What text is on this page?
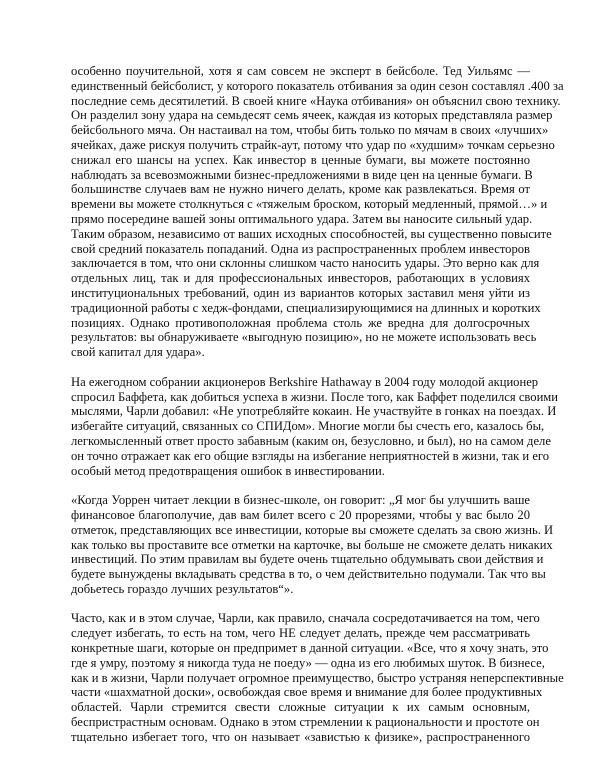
особенно поучительной, хотя я сам совсем не эксперт в бейсболе. Тед Уильямс —
единственный бейсболист, у которого показатель отбивания за один сезон составлял .400 за
последние семь десятилетий. В своей книге «Наука отбивания» он объяснил свою технику.
Он разделил зону удара на семьдесят семь ячеек, каждая из которых представляла размер
бейсбольного мяча. Он настаивал на том, чтобы бить только по мячам в своих «лучших»
ячейках, даже рискуя получить страйк-аут, потому что удар по «худшим» точкам серьезно
снижал его шансы на успех. Как инвестор в ценные бумаги, вы можете постоянно
наблюдать за всевозможными бизнес-предложениями в виде цен на ценные бумаги. В
большинстве случаев вам не нужно ничего делать, кроме как развлекаться. Время от
времени вы можете столкнуться с «тяжелым броском, который медленный, прямой…» и
прямо посередине вашей зоны оптимального удара. Затем вы наносите сильный удар.
Таким образом, независимо от ваших исходных способностей, вы существенно повысите
свой средний показатель попаданий. Одна из распространенных проблем инвесторов
заключается в том, что они склонны слишком часто наносить удары. Это верно как для
отдельных лиц, так и для профессиональных инвесторов, работающих в условиях
институциональных требований, один из вариантов которых заставил меня уйти из
традиционной работы с хедж-фондами, специализирующимися на длинных и коротких
позициях. Однако противоположная проблема столь же вредна для долгосрочных
результатов: вы обнаруживаете «выгодную позицию», но не можете использовать весь
свой капитал для удара».
На ежегодном собрании акционеров Berkshire Hathaway в 2004 году молодой акционер
спросил Баффета, как добиться успеха в жизни. После того, как Баффет поделился своими
мыслями, Чарли добавил: «Не употребляйте кокаин. Не участвуйте в гонках на поездах. И
избегайте ситуаций, связанных со СПИДом». Многие могли бы счесть его, казалось бы,
легкомысленный ответ просто забавным (каким он, безусловно, и был), но на самом деле
он точно отражает как его общие взгляды на избегание неприятностей в жизни, так и его
особый метод предотвращения ошибок в инвестировании.
«Когда Уоррен читает лекции в бизнес-школе, он говорит: „Я мог бы улучшить ваше
финансовое благополучие, дав вам билет всего с 20 прорезями, чтобы у вас было 20
отметок, представляющих все инвестиции, которые вы сможете сделать за свою жизнь. И
как только вы проставите все отметки на карточке, вы больше не сможете делать никаких
инвестиций. По этим правилам вы будете очень тщательно обдумывать свои действия и
будете вынуждены вкладывать средства в то, о чем действительно подумали. Так что вы
добьетесь гораздо лучших результатов“».
Часто, как и в этом случае, Чарли, как правило, сначала сосредотачивается на том, чего
следует избегать, то есть на том, чего НЕ следует делать, прежде чем рассматривать
конкретные шаги, которые он предпримет в данной ситуации. «Все, что я хочу знать, это
где я умру, поэтому я никогда туда не поеду» — одна из его любимых шуток. В бизнесе,
как и в жизни, Чарли получает огромное преимущество, быстро устраняя неперспективные
части «шахматной доски», освобождая свое время и внимание для более продуктивных
областей. Чарли стремится свести сложные ситуации к их самым основным,
беспристрастным основам. Однако в этом стремлении к рациональности и простоте он
тщательно избегает того, что он называет «завистью к физике», распространенного
